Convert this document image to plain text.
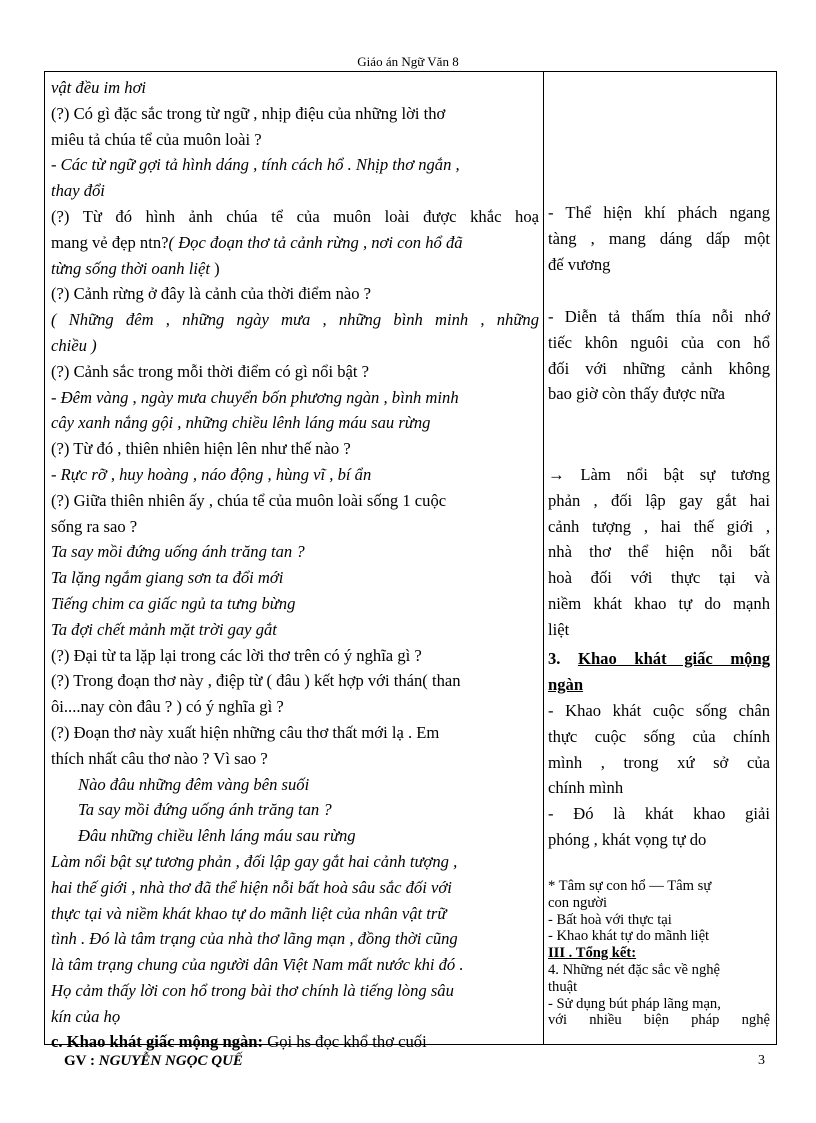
Giáo án Ngữ Văn 8
vật đều im hơi
(?) Có gì đặc sắc trong từ ngữ , nhịp điệu của những lời thơ
miêu tả chúa tể của muôn loài ?
- Các từ ngữ gợi tả hình dáng , tính cách hổ . Nhịp thơ ngắn ,
thay đổi
(?) Từ đó hình ảnh chúa tể của muôn loài được khắc hoạ
mang vẻ đẹp ntn?( Đọc đoạn thơ tả cảnh rừng , nơi con hổ đã
từng sống thời oanh liệt )
(?) Cảnh rừng ở đây là cảnh của thời điểm nào ?
( Những đêm , những ngày mưa , những bình minh , những
chiều )
(?) Cảnh sắc trong mỗi thời điểm có gì nổi bật ?
- Đêm vàng , ngày mưa chuyển bốn phương ngàn , bình minh
cây xanh nắng gội , những chiều lênh láng máu sau rừng
(?) Từ đó , thiên nhiên hiện lên như thế nào ?
- Rực rỡ , huy hoàng , náo động , hùng vĩ , bí ẩn
(?) Giữa thiên nhiên ấy , chúa tể của muôn loài sống 1 cuộc
sống ra sao ?
Ta say mồi đứng uống ánh trăng tan ?
Ta lặng ngắm giang sơn ta đổi mới
Tiếng chim ca giấc ngủ ta tưng bừng
Ta đợi chết mảnh mặt trời gay gắt
(?) Đại từ ta lặp lại trong các lời thơ trên có ý nghĩa gì ?
(?) Trong đoạn thơ này , điệp từ ( đâu ) kết hợp với thán( than
ôi....nay còn đâu ? ) có ý nghĩa gì ?
(?) Đoạn thơ này xuất hiện những câu thơ thất mới lạ . Em
thích nhất câu thơ nào ? Vì sao ?
Nào đâu những đêm vàng bên suối
Ta say mồi đứng uống ánh trăng tan ?
Đâu những chiều lênh láng máu sau rừng
Làm nổi bật sự tương phản , đối lập gay gắt hai cảnh tượng ,
hai thế giới , nhà thơ đã thể hiện nỗi bất hoà sâu sắc đối với
thực tại và niềm khát khao tự do mãnh liệt của nhân vật trữ
tình . Đó là tâm trạng của nhà thơ lãng mạn , đồng thời cũng
là tâm trạng chung của người dân Việt Nam mất nước khi đó .
Họ cảm thấy lời con hổ trong bài thơ chính là tiếng lòng sâu
kín của họ
c. Khao khát giấc mộng ngàn: Gọi hs đọc khổ thơ cuối
- Thể hiện khí phách ngang
tàng , mang dáng dấp một
đế vương
- Diễn tả thấm thía nỗi nhớ
tiếc khôn nguôi của con hổ
đối với những cảnh không
bao giờ còn thấy được nữa
→ Làm nổi bật sự tương
phản , đối lập gay gắt hai
cảnh tượng , hai thế giới ,
nhà thơ thể hiện nỗi bất
hoà đối với thực tại và
niềm khát khao tự do mạnh
liệt
3. Khao khát giấc mộng
ngàn
- Khao khát cuộc sống chân
thực cuộc sống của chính
mình , trong xứ sở của
chính mình
- Đó là khát khao giải
phóng , khát vọng tự do
* Tâm sự con hổ — Tâm sự
con người
- Bất hoà với thực tại
- Khao khát tự do mãnh liệt
III . Tổng kết:
4. Những nét đặc sắc về nghệ
thuật
- Sử dụng bút pháp lãng mạn,
với nhiều biện pháp nghệ
GV : NGUYỄN NGỌC QUẾ	3
